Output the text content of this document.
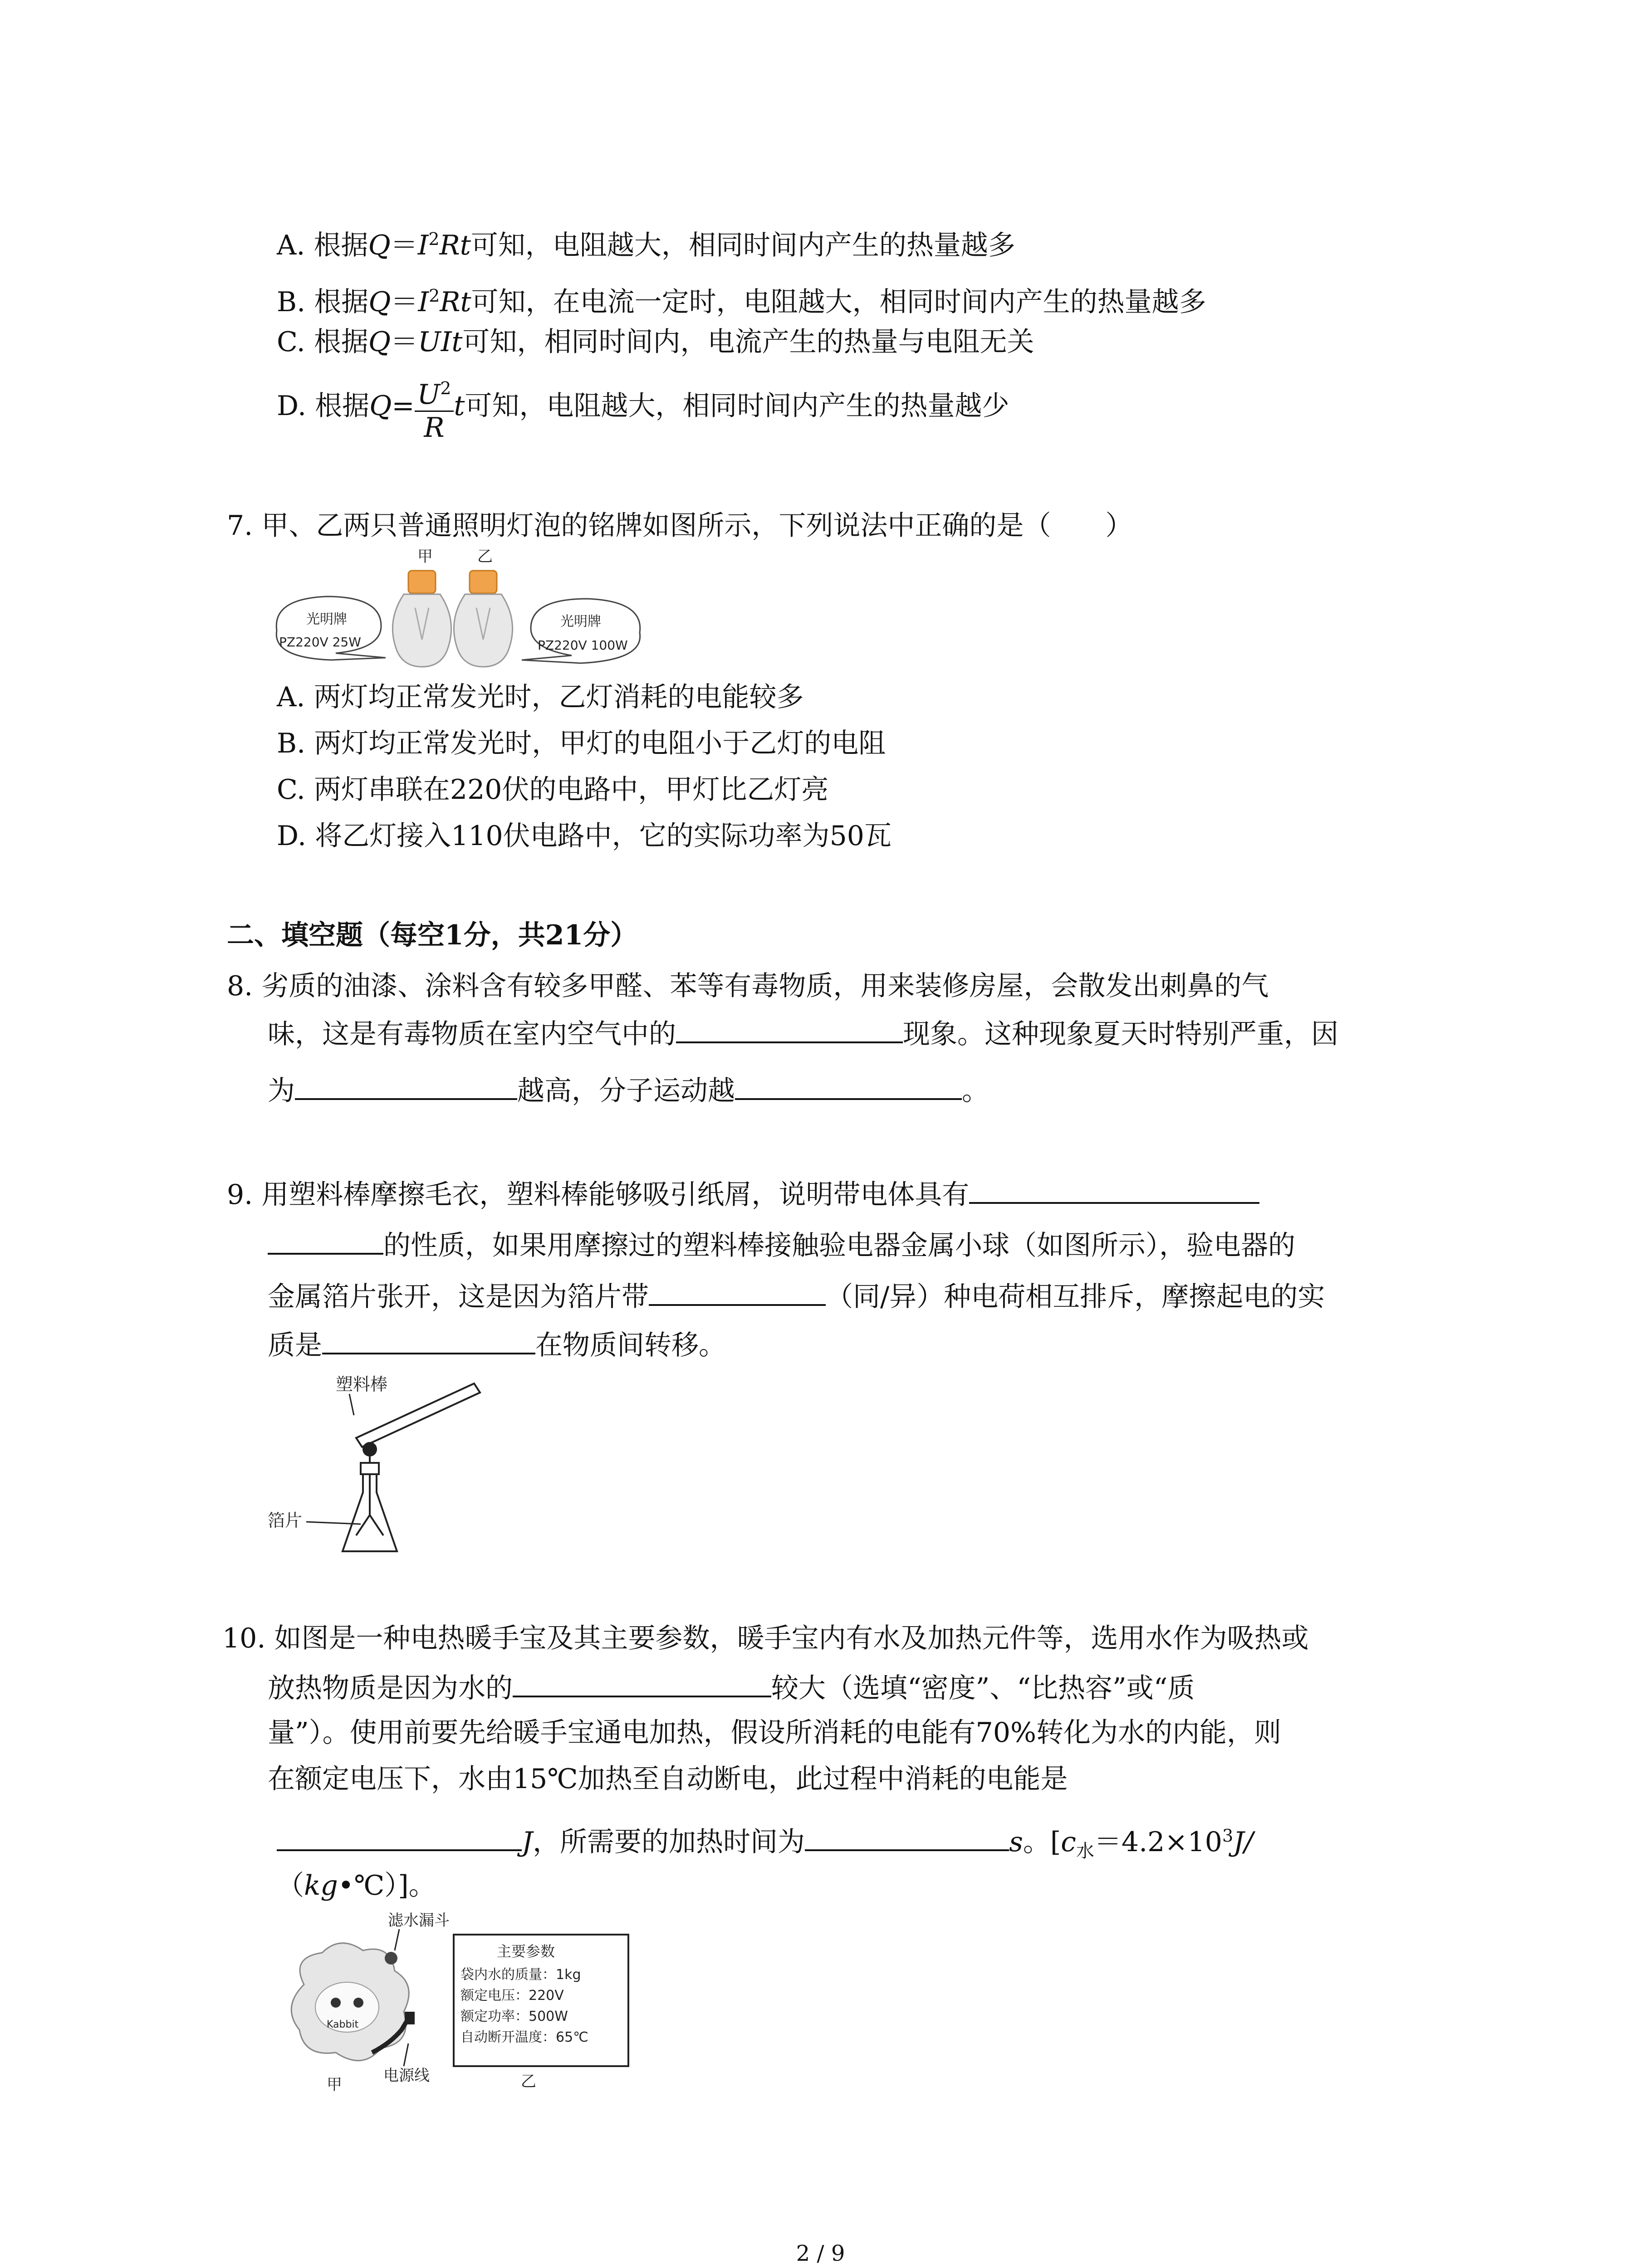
A. 根据$Q=I^2Rt$可知，电阻越大，相同时间内产生的热量越多
B. 根据$Q=I^2Rt$可知，在电流一定时，电阻越大，相同时间内产生的热量越多
C. 根据Q＝UIt可知，相同时间内，电流产生的热量与电阻无关
D. 根据$Q= \frac{U^2}{R}$ t可知，电阻越大，相同时间内产生的热量越少
7. 甲、乙两只普通照明灯泡的铭牌如图所示，下列说法中正确的是（　　）
甲	乙
光明牌
PZ220V 25W
光明牌
PZ220V 100W
A. 两灯均正常发光时，乙灯消耗的电能较多
B. 两灯均正常发光时，甲灯的电阻小于乙灯的电阻
C. 两灯串联在220伏的电路中，甲灯比乙灯亮
D. 将乙灯接入110伏电路中，它的实际功率为50瓦
二、填空题（每空1分，共21分）
8. 劣质的油漆、涂料含有较多甲醛、苯等有毒物质，用来装修房屋，会散发出刺鼻的气
味，这是有毒物质在室内空气中的	现象。这种现象夏天时特别严重，因
为	越高，分子运动越	。
9. 用塑料棒摩擦毛衣，塑料棒能够吸引纸屑，说明带电体具有
的性质，如果用摩擦过的塑料棒接触验电器金属小球（如图所示），验电器的
金属箔片张开，这是因为箔片带	（同/异）种电荷相互排斥，摩擦起电的实
质是	在物质间转移。
塑料棒
箔片
10. 如图是一种电热暖手宝及其主要参数，暖手宝内有水及加热元件等，选用水作为吸热或
放热物质是因为水的	较大（选填“密度”、“比热容”或“质
量”）。使用前要先给暖手宝通电加热，假设所消耗的电能有70%转化为水的内能，则
在额定电压下，水由15℃加热至自动断电，此过程中消耗的电能是
J，所需要的加热时间为	s。[$c_水=4.2\times 10^3J/$
（kg•℃）]。
滤水漏斗
Kabbit
甲	电源线
主要参数
袋内水的质量：1kg
额定电压：220V
额定功率：500W
自动断开温度：65℃
乙
2 / 9
